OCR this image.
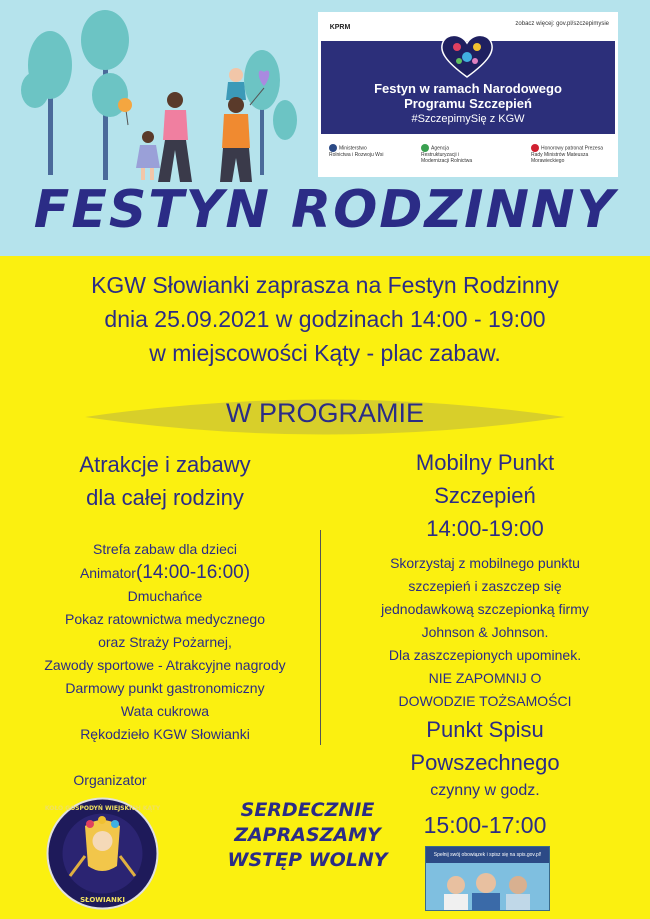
KPRM	zobacz więcej: gov.pl/szczepimysie
Festyn w ramach Narodowego
Programu Szczepień
#SzczepimySię z KGW
Ministerstwo Rolnictwa i Rozwoju Wsi
Agencja Restrukturyzacji i Modernizacji Rolnictwa
Honorowy patronat Prezesa Rady Ministrów Mateusza Morawieckiego
FESTYN RODZINNY
KGW Słowianki zaprasza na Festyn Rodzinny
dnia 25.09.2021 w godzinach 14:00 - 19:00
w miejscowości Kąty - plac zabaw.
W PROGRAMIE
Atrakcje i zabawy
dla całej rodziny
Mobilny Punkt
Szczepień
14:00-19:00
Strefa zabaw dla dzieci
Animator(14:00-16:00)
Dmuchańce
Pokaz ratownictwa medycznego
oraz Straży Pożarnej,
Zawody sportowe - Atrakcyjne nagrody
Darmowy punkt gastronomiczny
Wata cukrowa
Rękodzieło KGW Słowianki
Skorzystaj z mobilnego punktu
szczepień i zaszczep się
jednodawkową szczepionką firmy
Johnson & Johnson.
Dla zaszczepionych upominek.
NIE ZAPOMNIJ O
DOWODZIE TOŻSAMOŚCI
Punkt Spisu
Powszechnego
czynny w godz.
15:00-17:00
Organizator
KOŁO GOSPODYŃ WIEJSKICH KĄTY
SŁOWIANKI
SERDECZNIE
ZAPRASZAMY
WSTĘP WOLNY	Spełnij swój obowiązek i spisz się na spis.gov.pl!
